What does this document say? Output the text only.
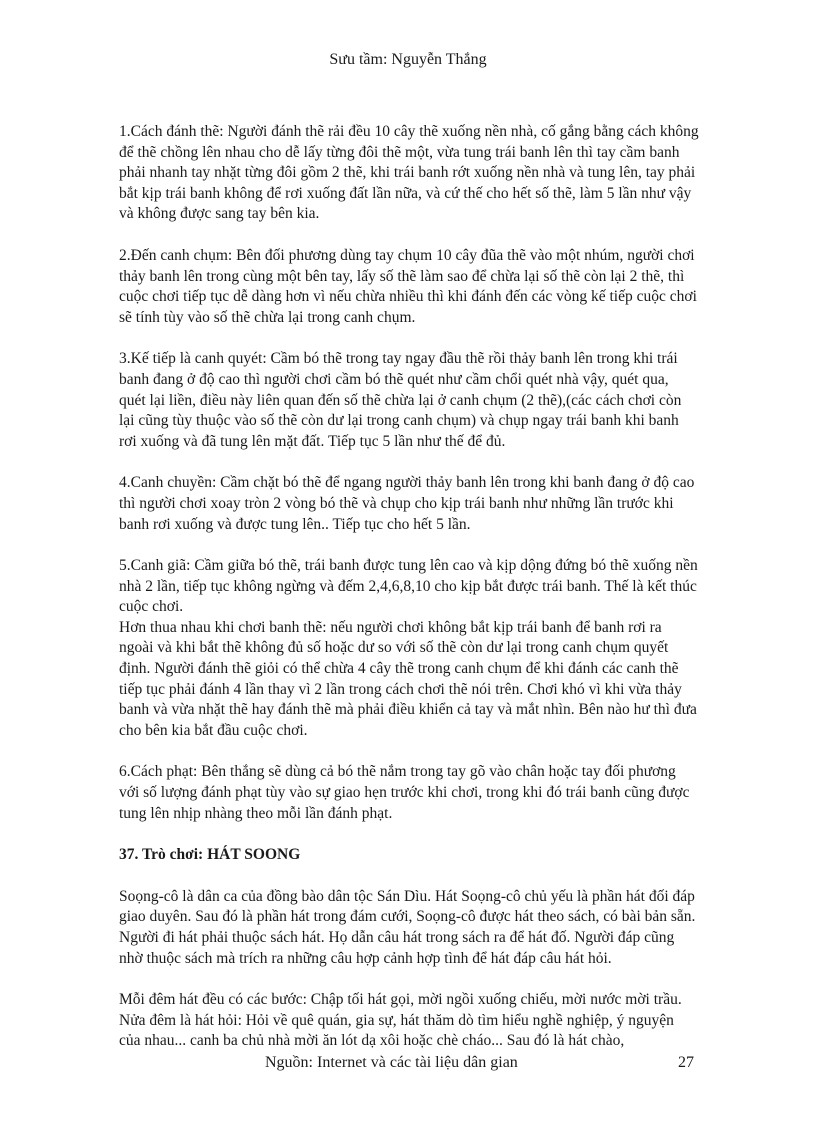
Sưu tầm: Nguyễn Thắng

1.Cách đánh thẽ: Người đánh thẽ rải đều 10 cây thẽ xuống nền nhà, cố gắng bằng cách không để thẽ chồng lên nhau cho dễ lấy từng đôi thẽ một, vừa tung trái banh lên thì tay cầm banh phải nhanh tay nhặt từng đôi gồm 2 thẽ, khi trái banh rớt xuống nền nhà và tung lên, tay phải bắt kịp trái banh không để rơi xuống đất lần nữa, và cứ thế cho hết số thẽ, làm 5 lần như vậy và không được sang tay bên kia.

2.Đến canh chụm: Bên đối phương dùng tay chụm 10 cây đũa thẽ vào một nhúm, người chơi thảy banh lên trong cùng một bên tay, lấy số thẽ làm sao để chừa lại số thẽ còn lại 2 thẽ, thì cuộc chơi tiếp tục dễ dàng hơn vì nếu chừa nhiều thì khi đánh đến các vòng kế tiếp cuộc chơi sẽ tính tùy vào số thẽ chừa lại trong canh chụm.

3.Kế tiếp là canh quyét: Cầm bó thẽ trong tay ngay đầu thẽ rồi thảy banh lên trong khi trái banh đang ở độ cao thì người chơi cầm bó thẽ quét như cầm chổi quét nhà vậy, quét qua, quét lại liền, điều này liên quan đến số thẽ chừa lại ở canh chụm (2 thẽ),(các cách chơi còn lại cũng tùy thuộc vào số thẽ còn dư lại trong canh chụm) và chụp ngay trái banh khi banh rơi xuống và đã tung lên mặt đất. Tiếp tục 5 lần như thế để đủ.

4.Canh chuyền: Cầm chặt bó thẽ để ngang người thảy banh lên trong khi banh đang ở độ cao thì người chơi xoay tròn 2 vòng bó thẽ và chụp cho kịp trái banh như những lần trước khi banh rơi xuống và được tung lên.. Tiếp tục cho hết 5 lần.

5.Canh giã: Cầm giữa bó thẽ, trái banh được tung lên cao và kịp dộng đứng bó thẽ xuống nền nhà 2 lần, tiếp tục không ngừng và đếm 2,4,6,8,10 cho kịp bắt được trái banh. Thế là kết thúc cuộc chơi.

Hơn thua nhau khi chơi banh thẽ: nếu người chơi không bắt kịp trái banh để banh rơi ra ngoài và khi bắt thẽ không đủ số hoặc dư so với số thẽ còn dư lại trong canh chụm quyết định. Người đánh thẽ giỏi có thể chừa 4 cây thẽ trong canh chụm để khi đánh các canh thẽ tiếp tục phải đánh 4 lần thay vì 2 lần trong cách chơi thẽ nói trên. Chơi khó vì khi vừa thảy banh và vừa nhặt thẽ hay đánh thẽ mà phải điều khiển cả tay và mắt nhìn. Bên nào hư thì đưa cho bên kia bắt đầu cuộc chơi.

6.Cách phạt: Bên thắng sẽ dùng cả bó thẽ nắm trong tay gõ vào chân hoặc tay đối phương với số lượng đánh phạt tùy vào sự giao hẹn trước khi chơi, trong khi đó trái banh cũng được tung lên nhịp nhàng theo mỗi lần đánh phạt.

37. Trò chơi: HÁT SOONG

Soọng-cô là dân ca của đồng bào dân tộc Sán Dìu. Hát Soọng-cô chủ yếu là phần hát đối đáp giao duyên. Sau đó là phần hát trong đám cưới, Soọng-cô được hát theo sách, có bài bản sẵn. Người đi hát phải thuộc sách hát. Họ dẫn câu hát trong sách ra để hát đố. Người đáp cũng nhờ thuộc sách mà trích ra những câu hợp cảnh hợp tình để hát đáp câu hát hỏi.

Mỗi đêm hát đều có các bước: Chập tối hát gọi, mời ngồi xuống chiếu, mời nước mời trầu. Nửa đêm là hát hỏi: Hỏi về quê quán, gia sự, hát thăm dò tìm hiểu nghề nghiệp, ý nguyện của nhau... canh ba chủ nhà mời ăn lót dạ xôi hoặc chè cháo... Sau đó là hát chào,

Nguồn: Internet và các tài liệu dân gian	27
